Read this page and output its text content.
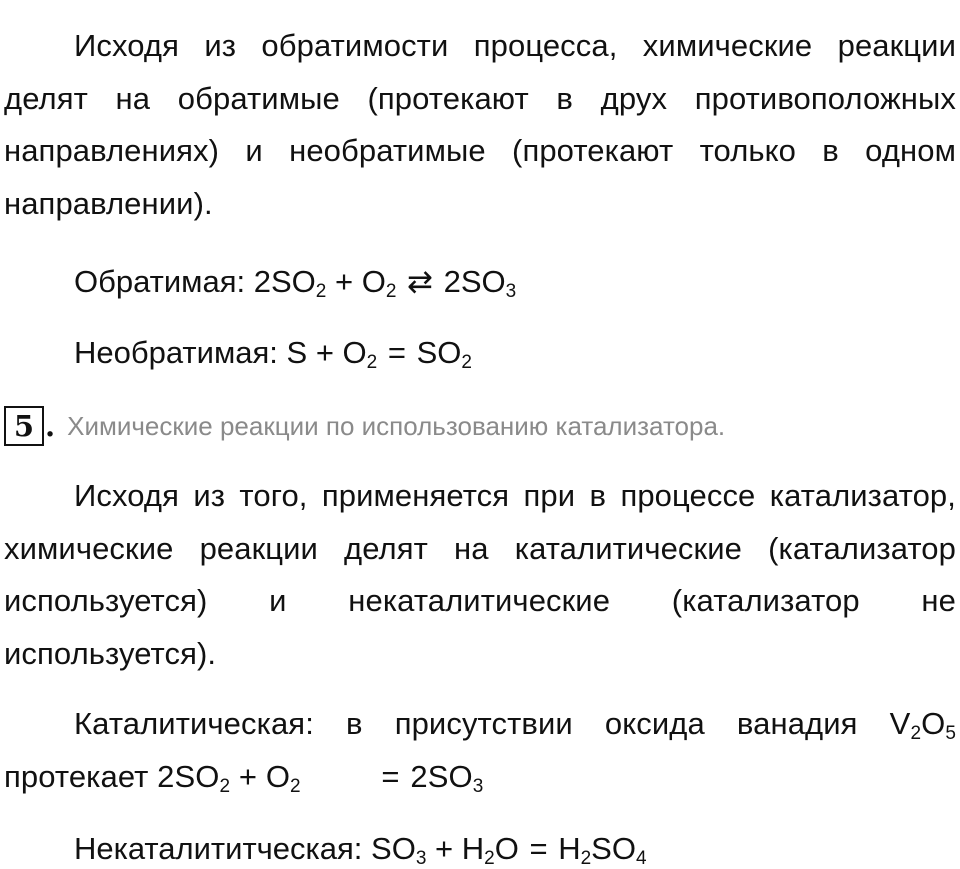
Исходя из обратимости процесса, химические реакции делят на обратимые (протекают в друх противоположных направлениях) и необратимые (протекают только в одном направлении).

Обратимая: $2SO_2 + O_2$ ⇄ $2SO_3$

Необратимая: $S + O_2 = SO_2$

5 . Химические реакции по использованию катализатора.

Исходя из того, применяется при в процессе катализатор, химические реакции делят на каталитические (катализатор используется) и некаталитические (катализатор не используется).

Каталитическая: в присутствии оксида ванадия $V_2O_5$ протекает $2SO_2 + O_2$	= $2SO_3$

Некаталититческая: $SO_3 + H_2O = H_2SO_4$
